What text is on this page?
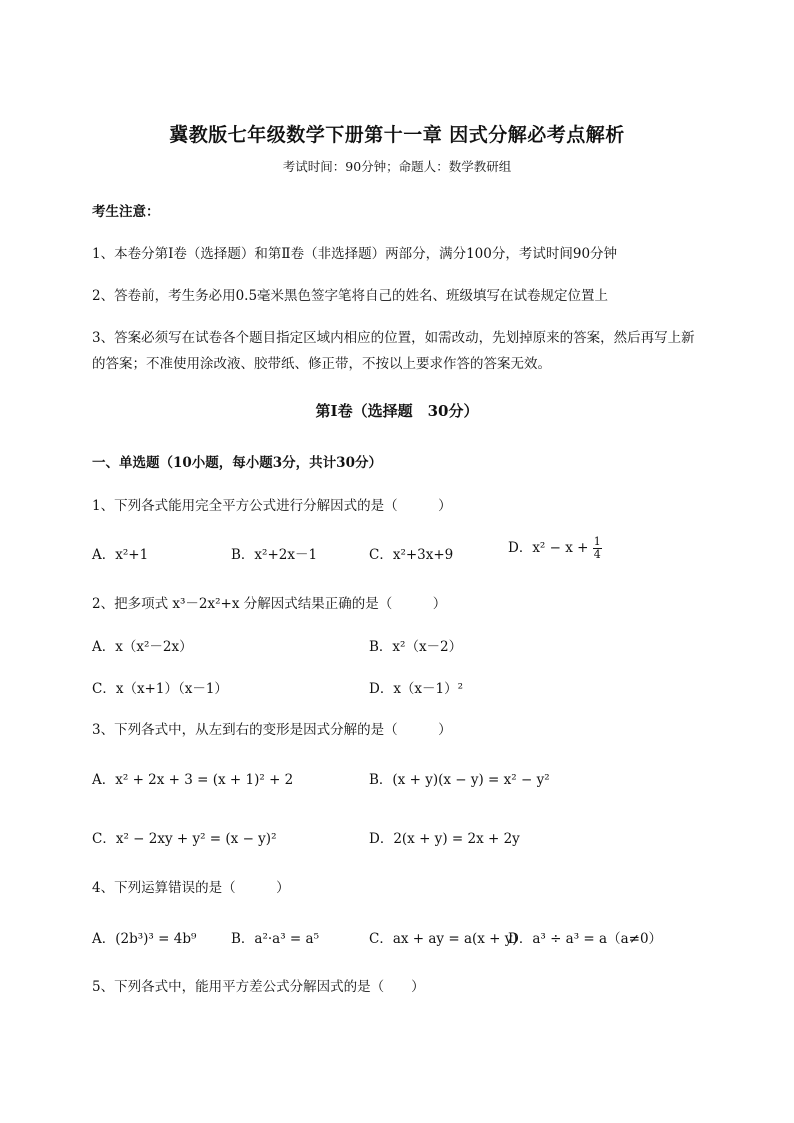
冀教版七年级数学下册第十一章 因式分解必考点解析
考试时间：90分钟；命题人：数学教研组
考生注意：
1、本卷分第Ⅰ卷（选择题）和第Ⅱ卷（非选择题）两部分，满分100分，考试时间90分钟
2、答卷前，考生务必用0.5毫米黑色签字笔将自己的姓名、班级填写在试卷规定位置上
3、答案必须写在试卷各个题目指定区域内相应的位置，如需改动，先划掉原来的答案，然后再写上新
的答案；不准使用涂改液、胶带纸、修正带，不按以上要求作答的答案无效。
第Ⅰ卷（选择题　30分）
一、单选题（10小题，每小题3分，共计30分）
1、下列各式能用完全平方公式进行分解因式的是（　　　）
A．x²+1	B．x²+2x－1	C．x²+3x+9	D．$x^2 - x + \frac{1}{4}$
2、把多项式 x³－2x²+x 分解因式结果正确的是（　　　）
A．x（x²－2x）	B．x²（x－2）
C．x（x+1）（x－1）	D．x（x－1）²
3、下列各式中，从左到右的变形是因式分解的是（　　　）
A．x² + 2x + 3 = (x + 1)² + 2	B．(x + y)(x − y) = x² − y²
C．x² − 2xy + y² = (x − y)²	D．2(x + y) = 2x + 2y
4、下列运算错误的是（　　　）
A．(2b³)³ = 4b⁹	B．a²·a³ = a⁵	C．ax + ay = a(x + y)
D．a³ ÷ a³ = a（a≠0）
5、下列各式中，能用平方差公式分解因式的是（　　）
